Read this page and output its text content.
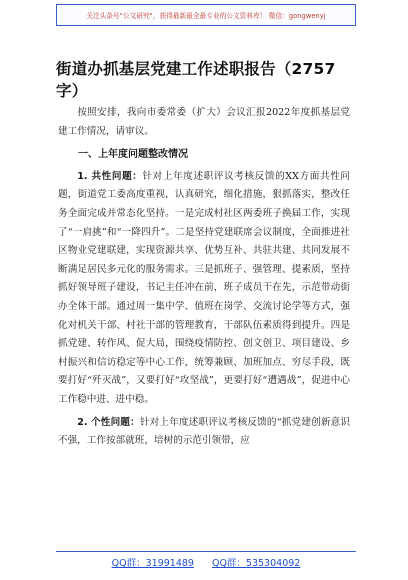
关注头条号"公文研究"，获得最新最全最专业的公文资料库！ 微信：gongwenyj
街道办抓基层党建工作述职报告（2757字）

按照安排，我向市委常委（扩大）会议汇报2022年度抓基层党建工作情况，请审议。

一、上年度问题整改情况

1. 共性问题：针对上年度述职评议考核反馈的XX方面共性问题，街道党工委高度重视，认真研究，细化措施，狠抓落实，整改任务全面完成并常态化坚持。一是完成村社区两委班子换届工作，实现了“一肩挑”和“一降四升”。二是坚持党建联席会议制度，全面推进社区物业党建联建，实现资源共享、优势互补、共驻共建、共同发展不断满足居民多元化的服务需求。三是抓班子、强管理、提素质，坚持抓好领导班子建设，书记主任冲在前，班子成员干在先，示范带动街办全体干部。通过周一集中学、值班在岗学、交流讨论学等方式，强化对机关干部、村社干部的管理教育，干部队伍素质得到提升。四是抓党建、转作风、促大局，围绕疫情防控、创文创卫、项目建设、乡村振兴和信访稳定等中心工作，统筹兼顾、加班加点、穷尽手段，既要打好“歼灭战”，又要打好“攻坚战”，更要打好“遭遇战”，促进中心工作稳中进、进中稳。

2. 个性问题：针对上年度述职评议考核反馈的“抓党建创新意识不强，工作按部就班，培树的示范引领带，应

QQ群：31991489 QQ群：535304092
